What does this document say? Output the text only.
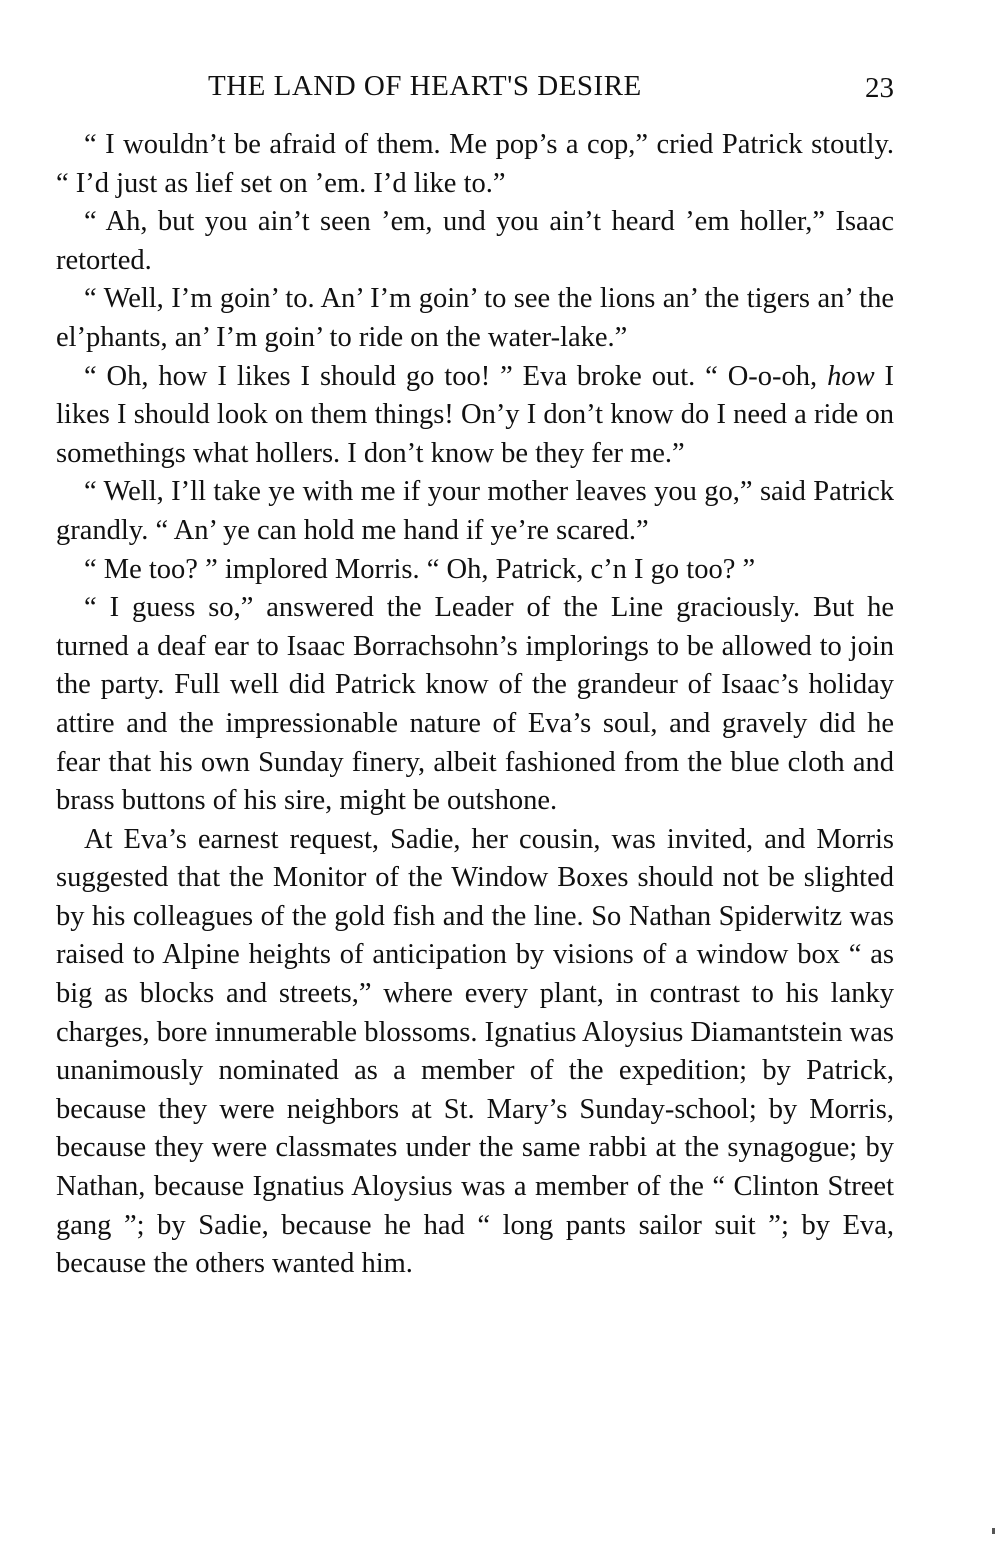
THE LAND OF HEART'S DESIRE	23

“ I wouldn’t be afraid of them. Me pop’s a cop,” cried Patrick stoutly. “ I’d just as lief set on ’em. I’d like to.”

“ Ah, but you ain’t seen ’em, und you ain’t heard ’em holler,” Isaac retorted.

“ Well, I’m goin’ to. An’ I’m goin’ to see the lions an’ the tigers an’ the el’phants, an’ I’m goin’ to ride on the water-lake.”

“ Oh, how I likes I should go too! ” Eva broke out. “ O-o-oh, how I likes I should look on them things! On’y I don’t know do I need a ride on somethings what hollers. I don’t know be they fer me.”

“ Well, I’ll take ye with me if your mother leaves you go,” said Patrick grandly. “ An’ ye can hold me hand if ye’re scared.”

“ Me too? ” implored Morris. “ Oh, Patrick, c’n I go too? ”

“ I guess so,” answered the Leader of the Line graciously. But he turned a deaf ear to Isaac Borrachsohn’s implorings to be allowed to join the party. Full well did Patrick know of the grandeur of Isaac’s holiday attire and the impressionable nature of Eva’s soul, and gravely did he fear that his own Sunday finery, albeit fashioned from the blue cloth and brass buttons of his sire, might be outshone.

At Eva’s earnest request, Sadie, her cousin, was invited, and Morris suggested that the Monitor of the Window Boxes should not be slighted by his colleagues of the gold fish and the line. So Nathan Spiderwitz was raised to Alpine heights of anticipation by visions of a window box “ as big as blocks and streets,” where every plant, in contrast to his lanky charges, bore innumerable blossoms. Ignatius Aloysius Diamantstein was unanimously nominated as a member of the expedition; by Patrick, because they were neighbors at St. Mary’s Sunday-school; by Morris, because they were classmates under the same rabbi at the synagogue; by Nathan, because Ignatius Aloysius was a member of the “ Clinton Street gang ”; by Sadie, because he had “ long pants sailor suit ”; by Eva, because the others wanted him.
